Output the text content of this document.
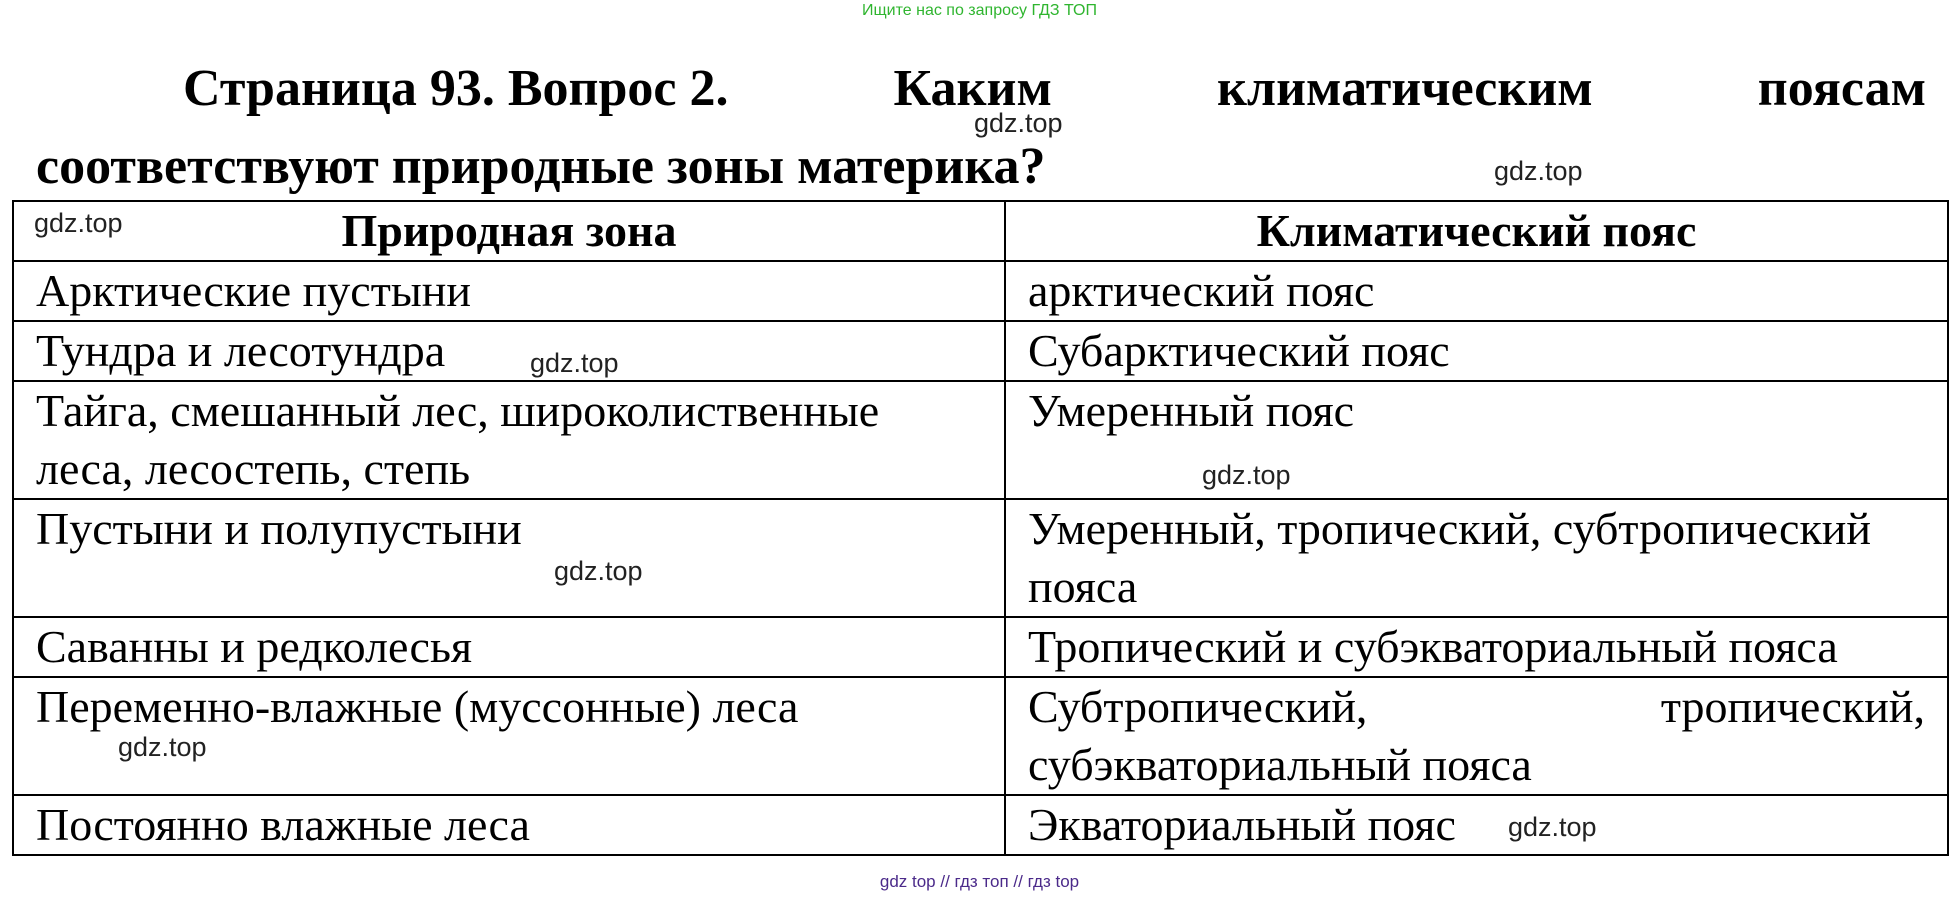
Ищите нас по запросу ГДЗ ТОП
Страница 93. Вопрос 2.	Каким	климатическим	поясам
соответствуют природные зоны материка?
Природная зона	Климатический пояс
Арктические пустыни	арктический пояс
Тундра и лесотундра	Субарктический пояс

Тайга, смешанный лес, широколиственные
леса, лесостепь, степь	Умеренный пояс
Пустыни и полупустыни	Умеренный, тропический, субтропический
пояса

Саванны и редколесья	Тропический и субэкваториальный пояса
Переменно-влажные (муссонные) леса	Субтропический, тропический,
субэкваториальный пояса

Постоянно влажные леса	Экваториальный пояс
gdz.top
gdz.top
gdz.top
gdz.top
gdz.top
gdz.top
gdz.top
gdz.top
gdz top // гдз топ // гдз top
